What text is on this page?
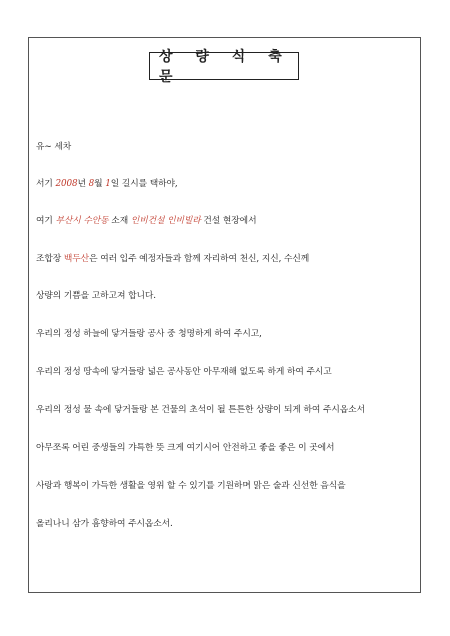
상 량 식 축 문
유~ 세차
서기 2008년 8월 1일 길시를 택하야,
여기 부산시 수안동 소재 인비건설 인비빌라 건설 현장에서
조합장 백두산은 여러 입주 예정자들과 함께 자리하여 천신, 지신, 수신께
상량의 기쁨을 고하고져 합니다.
우리의 정성 하늘에 닿거들랑 공사 중 청명하게 하여 주시고,
우리의 정성 땅속에 닿거들랑 넓은 공사동안 아무재해 없도록 하게 하여 주시고
우리의 정성 물 속에 닿거들랑 본 건물의 초석이 될 튼튼한 상량이 되게 하여 주시옵소서
아무쪼록 어린 중생들의 갸특한 뜻 크게 여기시어 안전하고 좋을 좋은 이 곳에서
사랑과 행복이 가득한 생활을 영위 할 수 있기를 기원하며 맑은 술과 신선한 음식을
올리나니 삼가 흠향하여 주시옵소서.
